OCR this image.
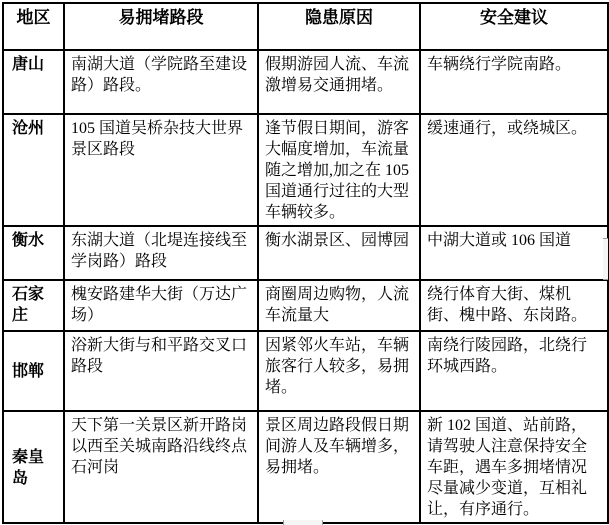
地区	易拥堵路段	隐患原因	安全建议
唐山	南湖大道（学院路至建设路）路段。	假期游园人流、车流激增易交通拥堵。	车辆绕行学院南路。
沧州	105 国道吴桥杂技大世界景区路段	逢节假日期间，游客大幅度增加，车流量随之增加,加之在 105 国道通行过往的大型车辆较多。	缓速通行，或绕城区。
衡水	东湖大道（北堤连接线至学岗路）路段	衡水湖景区、园博园	中湖大道或 106 国道
石家庄	槐安路建华大街（万达广场）	商圈周边购物，人流车流量大	绕行体育大街、煤机街、槐中路、东岗路。
邯郸	浴新大街与和平路交叉口路段	因紧邻火车站，车辆旅客行人较多，易拥堵。	南绕行陵园路，北绕行环城西路。
秦皇岛	天下第一关景区新开路岗以西至关城南路沿线终点石河岗	景区周边路段假日期间游人及车辆增多，易拥堵。	新 102 国道、站前路，请驾驶人注意保持安全车距，遇车多拥堵情况尽量减少变道，互相礼让，有序通行。
